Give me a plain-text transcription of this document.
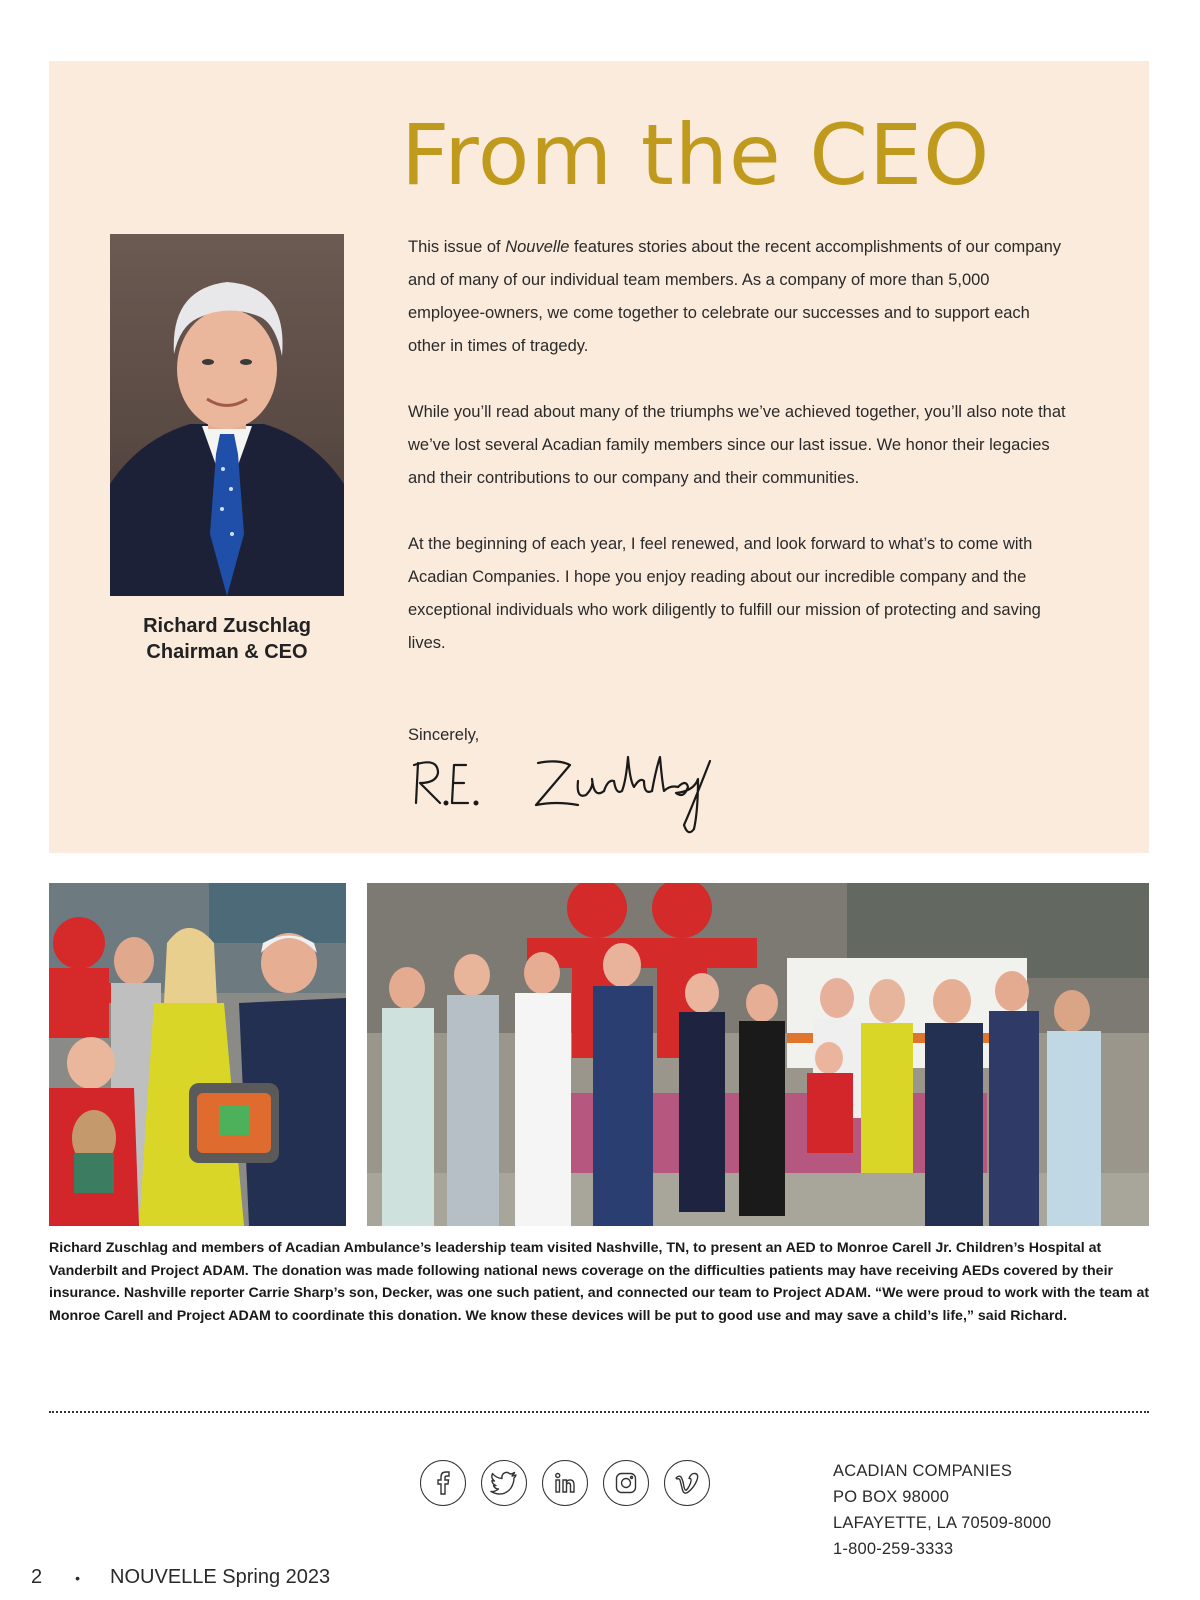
From the CEO
Richard Zuschlag
Chairman & CEO

This issue of Nouvelle features stories about the recent accomplishments of our company and of many of our individual team members. As a company of more than 5,000 employee-owners, we come together to celebrate our successes and to support each other in times of tragedy.

While you’ll read about many of the triumphs we’ve achieved together, you’ll also note that we’ve lost several Acadian family members since our last issue. We honor their legacies and their contributions to our company and their communities.

At the beginning of each year, I feel renewed, and look forward to what’s to come with Acadian Companies. I hope you enjoy reading about our incredible company and the exceptional individuals who work diligently to fulfill our mission of protecting and saving lives.

Sincerely,
Richard Zuschlag and members of Acadian Ambulance’s leadership team visited Nashville, TN, to present an AED to Monroe Carell Jr. Children’s Hospital at Vanderbilt and Project ADAM. The donation was made following national news coverage on the difficulties patients may have receiving AEDs covered by their insurance. Nashville reporter Carrie Sharp’s son, Decker, was one such patient, and connected our team to Project ADAM. “We were proud to work with the team at Monroe Carell and Project ADAM to coordinate this donation. We know these devices will be put to good use and may save a child’s life,” said Richard.
ACADIAN COMPANIES
PO BOX 98000
LAFAYETTE, LA 70509-8000
1-800-259-3333
2 • NOUVELLE Spring 2023
